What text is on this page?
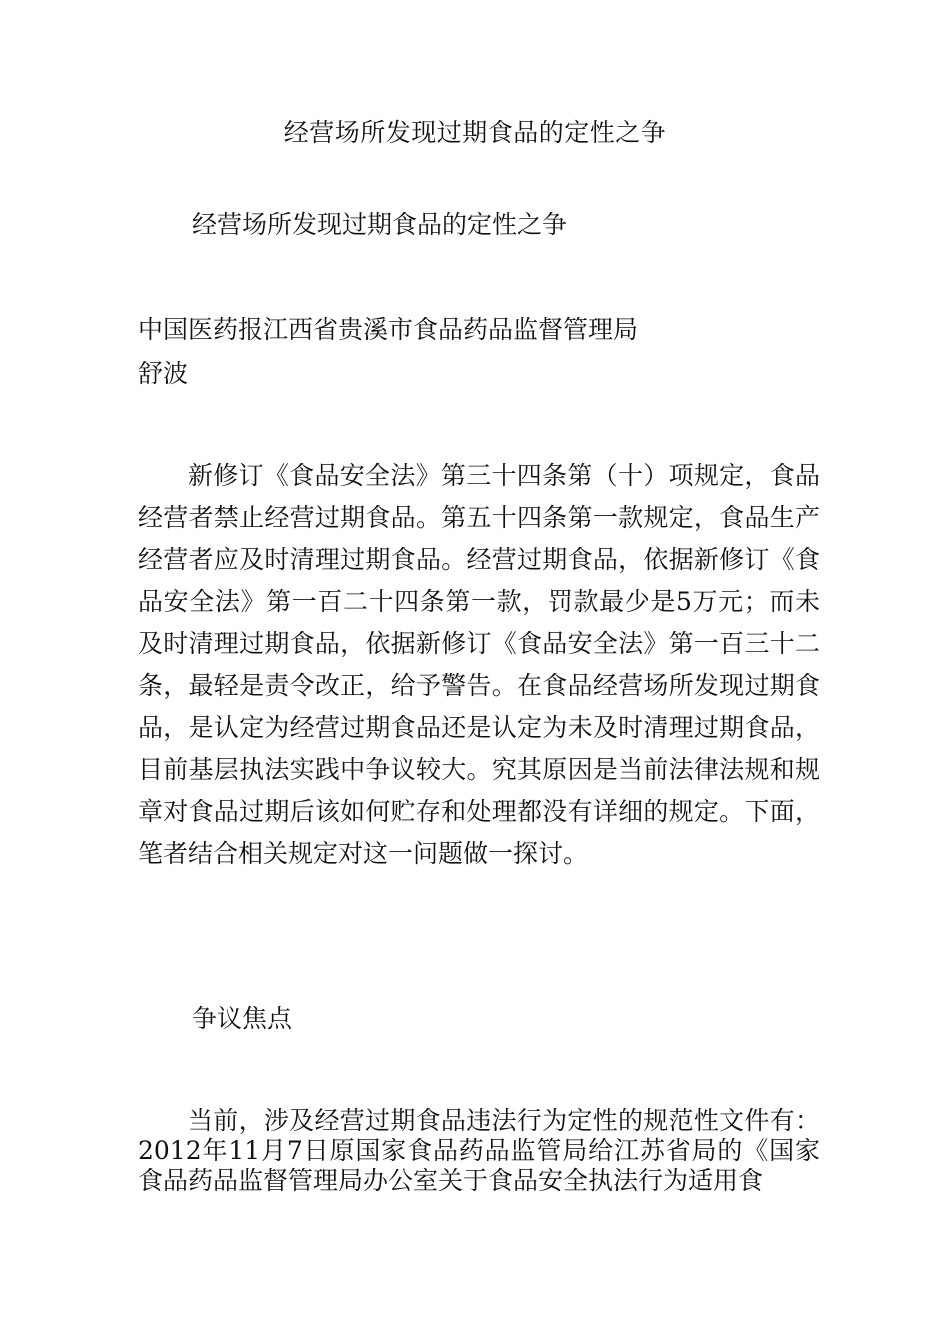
经营场所发现过期食品的定性之争
经营场所发现过期食品的定性之争
中国医药报江西省贵溪市食品药品监督管理局
舒波

新修订《食品安全法》第三十四条第（十）项规定，食品经营者禁止经营过期食品。第五十四条第一款规定，食品生产经营者应及时清理过期食品。经营过期食品，依据新修订《食品安全法》第一百二十四条第一款，罚款最少是5万元；而未及时清理过期食品，依据新修订《食品安全法》第一百三十二条，最轻是责令改正，给予警告。在食品经营场所发现过期食品，是认定为经营过期食品还是认定为未及时清理过期食品，目前基层执法实践中争议较大。究其原因是当前法律法规和规章对食品过期后该如何贮存和处理都没有详细的规定。下面，笔者结合相关规定对这一问题做一探讨。

争议焦点

当前，涉及经营过期食品违法行为定性的规范性文件有：2012年11月7日原国家食品药品监管局给江苏省局的《国家食品药品监督管理局办公室关于食品安全执法行为适用食
